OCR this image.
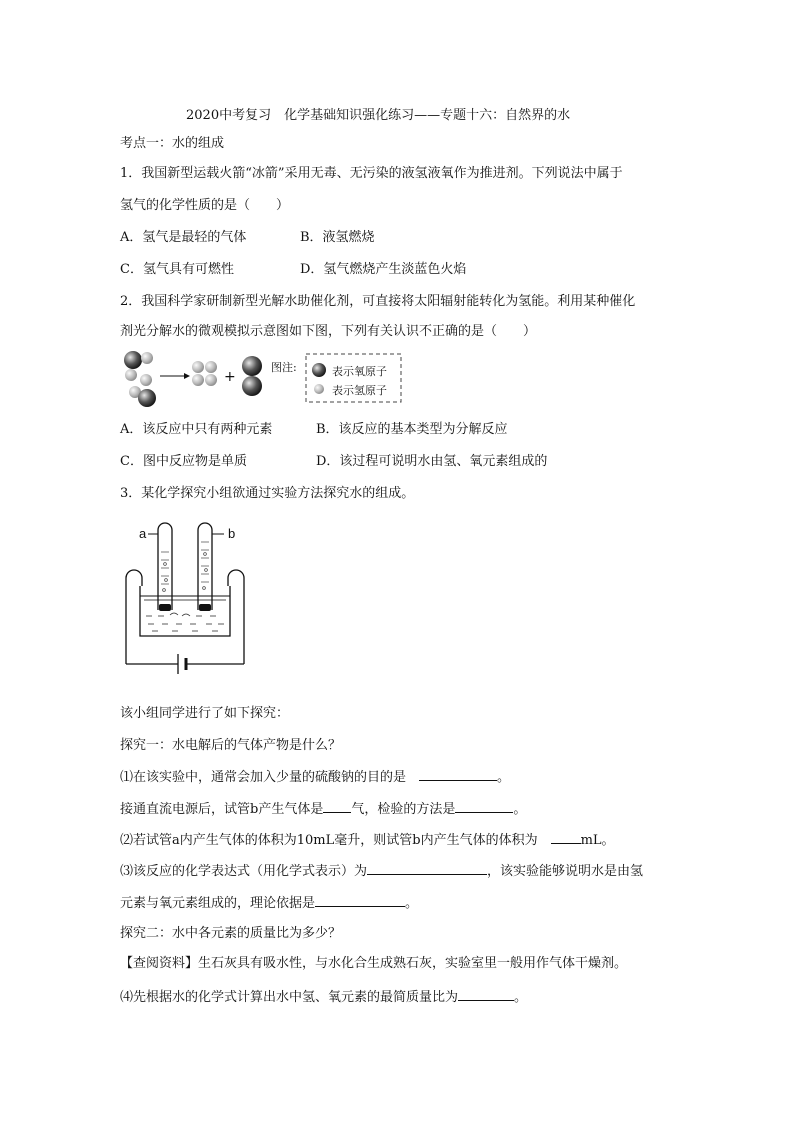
2020中考复习　化学基础知识强化练习——专题十六：自然界的水
考点一：水的组成
1．我国新型运载火箭“冰箭”采用无毒、无污染的液氢液氧作为推进剂。下列说法中属于
氢气的化学性质的是（　　）
A．氢气是最轻的气体	B．液氢燃烧
C．氢气具有可燃性	D．氢气燃烧产生淡蓝色火焰
2．我国科学家研制新型光解水助催化剂，可直接将太阳辐射能转化为氢能。利用某种催化
剂光分解水的微观模拟示意图如下图，下列有关认识不正确的是（　　）
+
图注:	表示氧原子
表示氢原子
A．该反应中只有两种元素	B．该反应的基本类型为分解反应
C．图中反应物是单质	D．该过程可说明水由氢、氧元素组成的
3．某化学探究小组欲通过实验方法探究水的组成。
a	b
该小组同学进行了如下探究：
探究一：水电解后的气体产物是什么？
⑴在该实验中，通常会加入少量的硫酸钠的目的是　	。
接通直流电源后，试管b产生气体是 气，检验的方法是	。
⑵若试管a内产生气体的体积为10mL毫升，则试管b内产生气体的体积为　mL。
⑶该反应的化学表达式（用化学式表示）为	，该实验能够说明水是由氢
元素与氧元素组成的，理论依据是	。
探究二：水中各元素的质量比为多少？
【查阅资料】生石灰具有吸水性，与水化合生成熟石灰，实验室里一般用作气体干燥剂。
⑷先根据水的化学式计算出水中氢、氧元素的最简质量比为	。
